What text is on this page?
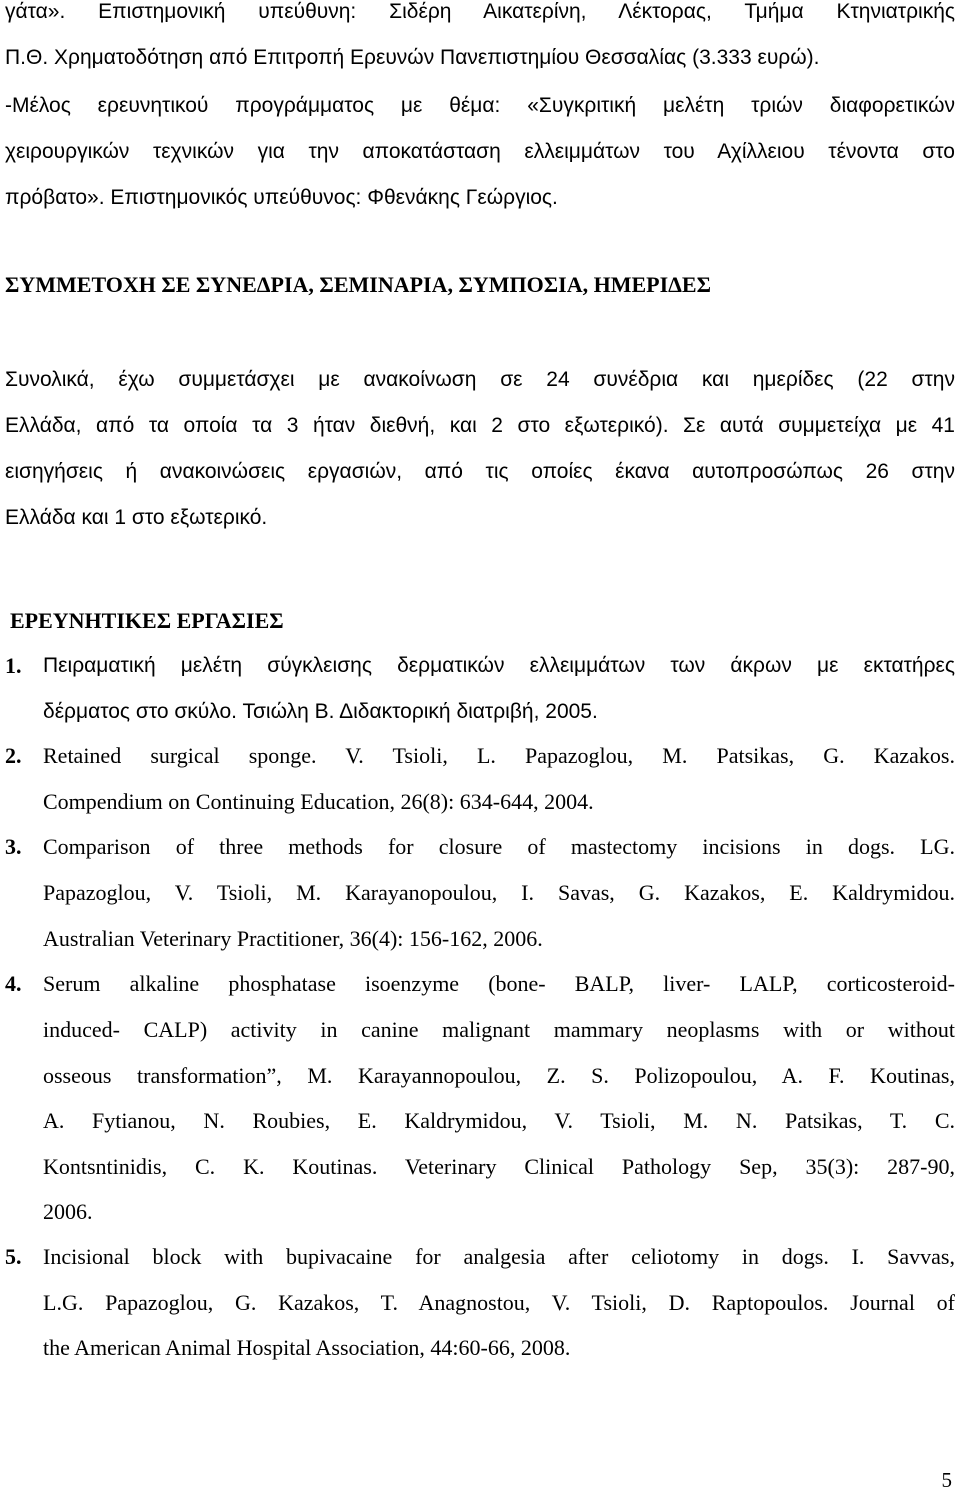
γάτα». Επιστημονική υπεύθυνη: Σιδέρη Αικατερίνη, Λέκτορας, Τμήμα Κτηνιατρικής
Π.Θ. Χρηματοδότηση από Επιτροπή Ερευνών Πανεπιστημίου Θεσσαλίας (3.333 ευρώ).
-Μέλος ερευνητικού προγράμματος με θέμα: «Συγκριτική μελέτη τριών διαφορετικών
χειρουργικών τεχνικών για την αποκατάσταση ελλειμμάτων του Αχίλλειου τένοντα στο
πρόβατο». Επιστημονικός υπεύθυνος: Φθενάκης Γεώργιος.
ΣΥΜΜΕΤΟΧΗ ΣΕ ΣΥΝΕΔΡΙΑ, ΣΕΜΙΝΑΡΙΑ, ΣΥΜΠΟΣΙΑ, ΗΜΕΡΙΔΕΣ
Συνολικά, έχω συμμετάσχει με ανακοίνωση σε 24 συνέδρια και ημερίδες (22 στην
Ελλάδα, από τα οποία τα 3 ήταν διεθνή, και 2 στο εξωτερικό). Σε αυτά συμμετείχα με 41
εισηγήσεις ή ανακοινώσεις εργασιών, από τις οποίες έκανα αυτοπροσώπως 26 στην
Ελλάδα και 1 στο εξωτερικό.
ΕΡΕΥΝΗΤΙΚΕΣ ΕΡΓΑΣΙΕΣ
1. Πειραματική μελέτη σύγκλεισης δερματικών ελλειμμάτων των άκρων με εκτατήρες
δέρματος στο σκύλο. Τσιώλη Β. Διδακτορική διατριβή, 2005.
2. Retained surgical sponge. V. Tsioli, L. Papazoglou, M. Patsikas, G. Kazakos.
Compendium on Continuing Education, 26(8): 634-644, 2004.
3. Comparison of three methods for closure of mastectomy incisions in dogs. LG.
Papazoglou, V. Tsioli, M. Karayanopoulou, I. Savas, G. Kazakos, E. Kaldrymidou.
Australian Veterinary Practitioner, 36(4): 156-162, 2006.
4. Serum alkaline phosphatase isoenzyme (bone- BALP, liver- LALP, corticosteroid-
induced- CALP) activity in canine malignant mammary neoplasms with or without
osseous transformation”, M. Karayannopoulou, Z. S. Polizopoulou, A. F. Koutinas,
A. Fytianou, N. Roubies, E. Kaldrymidou, V. Tsioli, M. N. Patsikas, T. C.
Kontsntinidis, C. K. Koutinas. Veterinary Clinical Pathology Sep, 35(3): 287-90,
2006.
5. Incisional block with bupivacaine for analgesia after celiotomy in dogs. I. Savvas,
L.G. Papazoglou, G. Kazakos, T. Anagnostou, V. Tsioli, D. Raptopoulos. Journal of
the American Animal Hospital Association, 44:60-66, 2008.
5
